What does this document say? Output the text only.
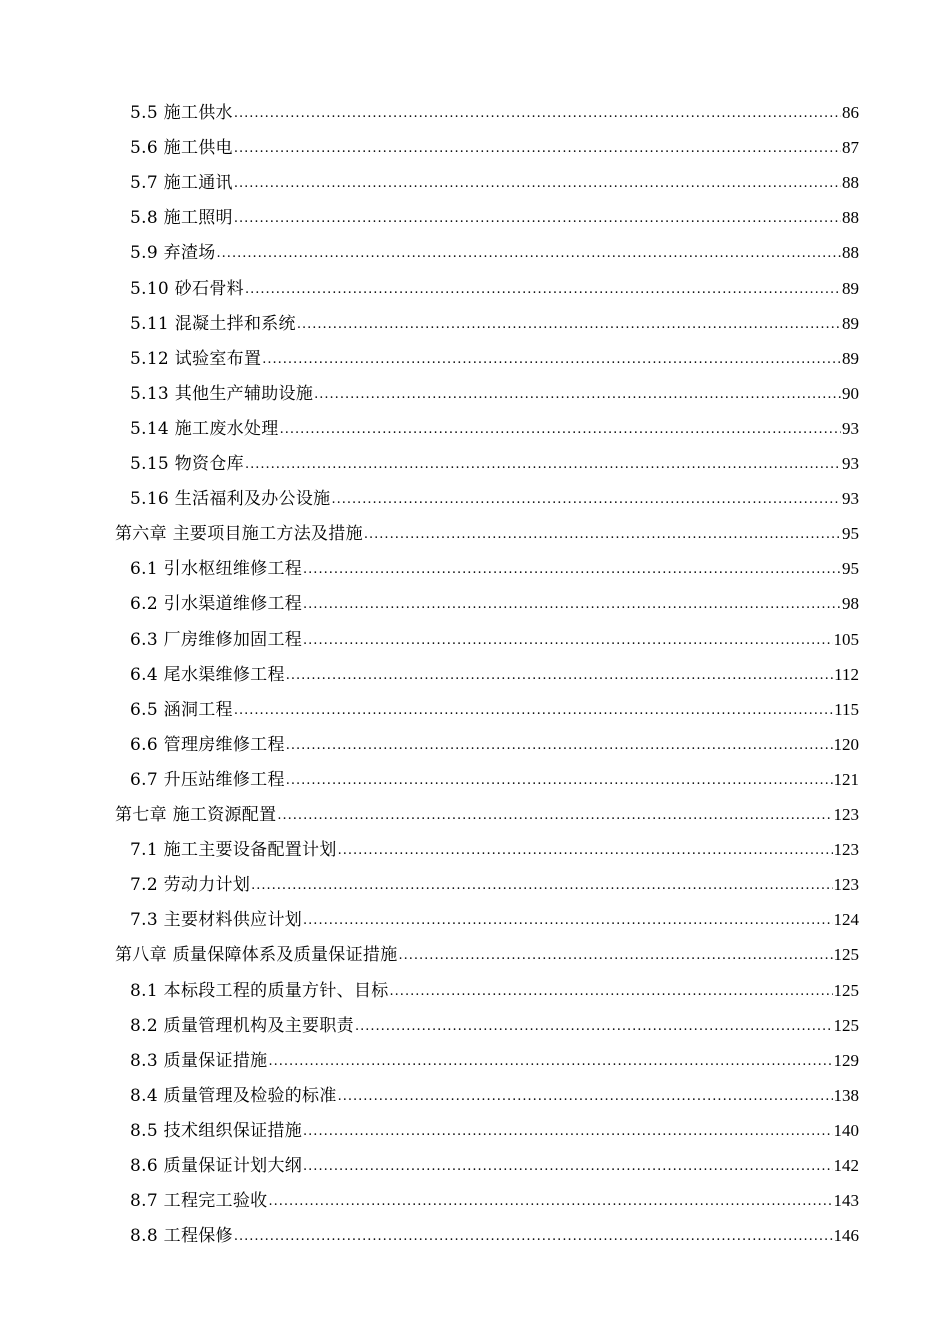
5.5 施工供水 .....	86
5.6 施工供电 .....	87
5.7 施工通讯 .....	88
5.8 施工照明 .....	88
5.9 弃渣场 .....	88
5.10 砂石骨料 .....	89
5.11 混凝土拌和系统 .....	89
5.12 试验室布置 .....	89
5.13 其他生产辅助设施 .....	90
5.14 施工废水处理 .....	93
5.15 物资仓库 .....	93
5.16 生活福利及办公设施 .....	93
第六章 主要项目施工方法及措施 .....	95
6.1 引水枢纽维修工程 .....	95
6.2 引水渠道维修工程 .....	98
6.3 厂房维修加固工程 .....	105
6.4 尾水渠维修工程 .....	112
6.5 涵洞工程 .....	115
6.6 管理房维修工程 .....	120
6.7 升压站维修工程 .....	121
第七章 施工资源配置 .....	123
7.1 施工主要设备配置计划 .....	123
7.2 劳动力计划 .....	123
7.3 主要材料供应计划 .....	124
第八章 质量保障体系及质量保证措施 .....	125
8.1 本标段工程的质量方针、目标 .....	125
8.2 质量管理机构及主要职责 .....	125
8.3 质量保证措施 .....	129
8.4 质量管理及检验的标准 .....	138
8.5 技术组织保证措施 .....	140
8.6 质量保证计划大纲 .....	142
8.7 工程完工验收 .....	143
8.8 工程保修 .....	146
